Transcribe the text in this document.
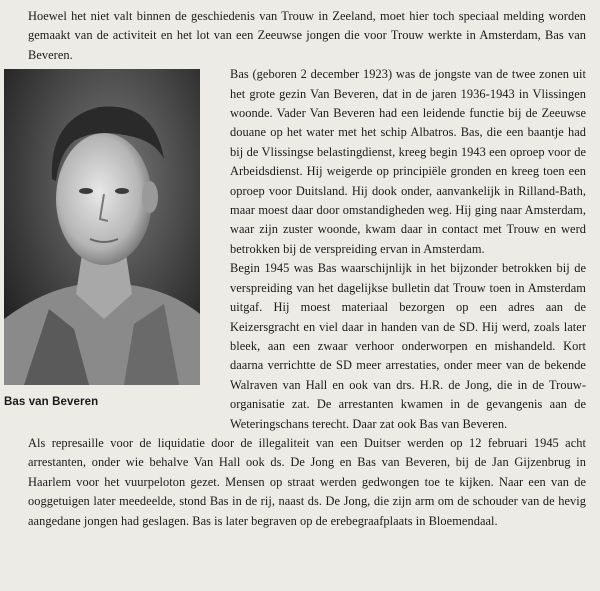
Hoewel het niet valt binnen de geschiedenis van Trouw in Zeeland, moet hier toch speciaal melding worden gemaakt van de activiteit en het lot van een Zeeuwse jongen die voor Trouw werkte in Amsterdam, Bas van Beveren.

Bas van Beveren

Bas (geboren 2 december 1923) was de jongste van de twee zonen uit het grote gezin Van Beveren, dat in de jaren 1936-1943 in Vlissingen woonde. Vader Van Beveren had een leidende functie bij de Zeeuwse douane op het water met het schip Albatros. Bas, die een baantje had bij de Vlissingse belastingdienst, kreeg begin 1943 een oproep voor de Arbeidsdienst. Hij weigerde op principiële gronden en kreeg toen een oproep voor Duitsland. Hij dook onder, aanvankelijk in Rilland-Bath, maar moest daar door omstandigheden weg. Hij ging naar Amsterdam, waar zijn zuster woonde, kwam daar in contact met Trouw en werd betrokken bij de verspreiding ervan in Amsterdam.

Begin 1945 was Bas waarschijnlijk in het bijzonder betrokken bij de verspreiding van het dagelijkse bulletin dat Trouw toen in Amsterdam uitgaf. Hij moest materiaal bezorgen op een adres aan de Keizersgracht en viel daar in handen van de SD. Hij werd, zoals later bleek, aan een zwaar verhoor onderworpen en mishandeld. Kort daarna verrichtte de SD meer arrestaties, onder meer van de bekende Walraven van Hall en ook van drs. H.R. de Jong, die in de Trouw-organisatie zat. De arrestanten kwamen in de gevangenis aan de Weteringschans terecht. Daar zat ook Bas van Beveren.

Als represaille voor de liquidatie door de illegaliteit van een Duitser werden op 12 februari 1945 acht arrestanten, onder wie behalve Van Hall ook ds. De Jong en Bas van Beveren, bij de Jan Gijzenbrug in Haarlem voor het vuurpeloton gezet. Mensen op straat werden gedwongen toe te kijken. Naar een van de ooggetuigen later meedeelde, stond Bas in de rij, naast ds. De Jong, die zijn arm om de schouder van de hevig aangedane jongen had geslagen. Bas is later begraven op de erebegraafplaats in Bloemendaal.
